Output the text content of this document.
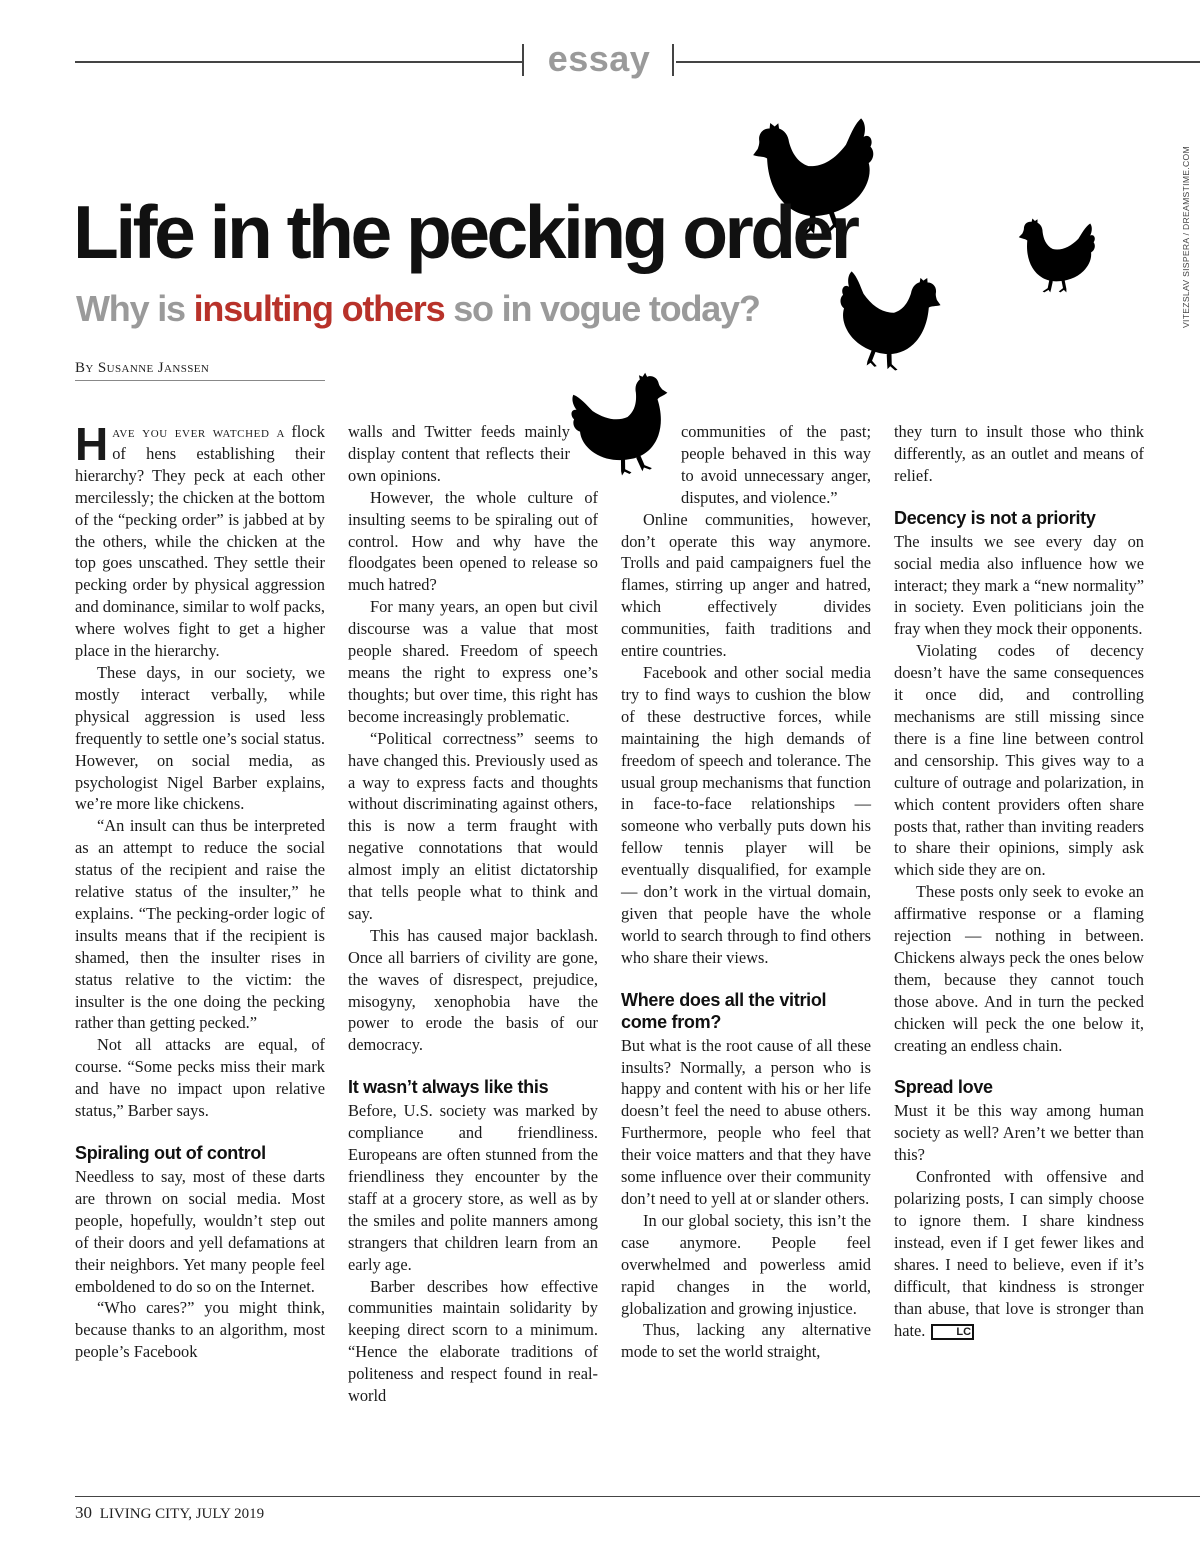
essay
VITEZSLAV SISPERA / DREAMSTIME.COM
Life in the pecking order
Why is insulting others so in vogue today?
By Susanne Janssen

Have you ever watched a flock of hens establishing their hierarchy? They peck at each other mercilessly; the chicken at the bottom of the “pecking order” is jabbed at by the others, while the chicken at the top goes unscathed. They settle their pecking order by physical aggression and dominance, similar to wolf packs, where wolves fight to get a higher place in the hierarchy.

These days, in our society, we mostly interact verbally, while physical aggression is used less frequently to settle one’s social status. However, on social media, as psychologist Nigel Barber explains, we’re more like chickens.

“An insult can thus be interpreted as an attempt to reduce the social status of the recipient and raise the relative status of the insulter,” he explains. “The pecking-order logic of insults means that if the recipient is shamed, then the insulter rises in status relative to the victim: the insulter is the one doing the pecking rather than getting pecked.”

Not all attacks are equal, of course. “Some pecks miss their mark and have no impact upon relative status,” Barber says.

Spiraling out of control

Needless to say, most of these darts are thrown on social media. Most people, hopefully, wouldn’t step out of their doors and yell defamations at their neighbors. Yet many people feel emboldened to do so on the Internet.

“Who cares?” you might think, because thanks to an algorithm, most people’s Facebook

walls and Twitter feeds mainly display content that reflects their own opinions.

However, the whole culture of insulting seems to be spiraling out of control. How and why have the floodgates been opened to release so much hatred?

For many years, an open but civil discourse was a value that most people shared. Freedom of speech means the right to express one’s thoughts; but over time, this right has become increasingly problematic.

“Political correctness” seems to have changed this. Previously used as a way to express facts and thoughts without discriminating against others, this is now a term fraught with negative connotations that would almost imply an elitist dictatorship that tells people what to think and say.

This has caused major backlash. Once all barriers of civility are gone, the waves of disrespect, prejudice, misogyny, xenophobia have the power to erode the basis of our democracy.

It wasn’t always like this

Before, U.S. society was marked by compliance and friendliness. Europeans are often stunned from the friendliness they encounter by the staff at a grocery store, as well as by the smiles and polite manners among strangers that children learn from an early age.

Barber describes how effective communities maintain solidarity by keeping direct scorn to a minimum. “Hence the elaborate traditions of politeness and respect found in real-world

communities of the past; people behaved in this way to avoid unnecessary anger, disputes, and violence.”

Online communities, however, don’t operate this way anymore. Trolls and paid campaigners fuel the flames, stirring up anger and hatred, which effectively divides communities, faith traditions and entire countries.

Facebook and other social media try to find ways to cushion the blow of these destructive forces, while maintaining the high demands of freedom of speech and tolerance. The usual group mechanisms that function in face-to-face relationships — someone who verbally puts down his fellow tennis player will be eventually disqualified, for example — don’t work in the virtual domain, given that people have the whole world to search through to find others who share their views.

Where does all the vitriol come from?

But what is the root cause of all these insults? Normally, a person who is happy and content with his or her life doesn’t feel the need to abuse others. Furthermore, people who feel that their voice matters and that they have some influence over their community don’t need to yell at or slander others.

In our global society, this isn’t the case anymore. People feel overwhelmed and powerless amid rapid changes in the world, globalization and growing injustice.

Thus, lacking any alternative mode to set the world straight,

they turn to insult those who think differently, as an outlet and means of relief.

Decency is not a priority

The insults we see every day on social media also influence how we interact; they mark a “new normality” in society. Even politicians join the fray when they mock their opponents.

Violating codes of decency doesn’t have the same consequences it once did, and controlling mechanisms are still missing since there is a fine line between control and censorship. This gives way to a culture of outrage and polarization, in which content providers often share posts that, rather than inviting readers to share their opinions, simply ask which side they are on.

These posts only seek to evoke an affirmative response or a flaming rejection — nothing in between. Chickens always peck the ones below them, because they cannot touch those above. And in turn the pecked chicken will peck the one below it, creating an endless chain.

Spread love

Must it be this way among human society as well? Aren’t we better than this?

Confronted with offensive and polarizing posts, I can simply choose to ignore them. I share kindness instead, even if I get fewer likes and shares. I need to believe, even if it’s difficult, that kindness is stronger than abuse, that love is stronger than hate.	LC

30 LIVING CITY, JULY 2019
